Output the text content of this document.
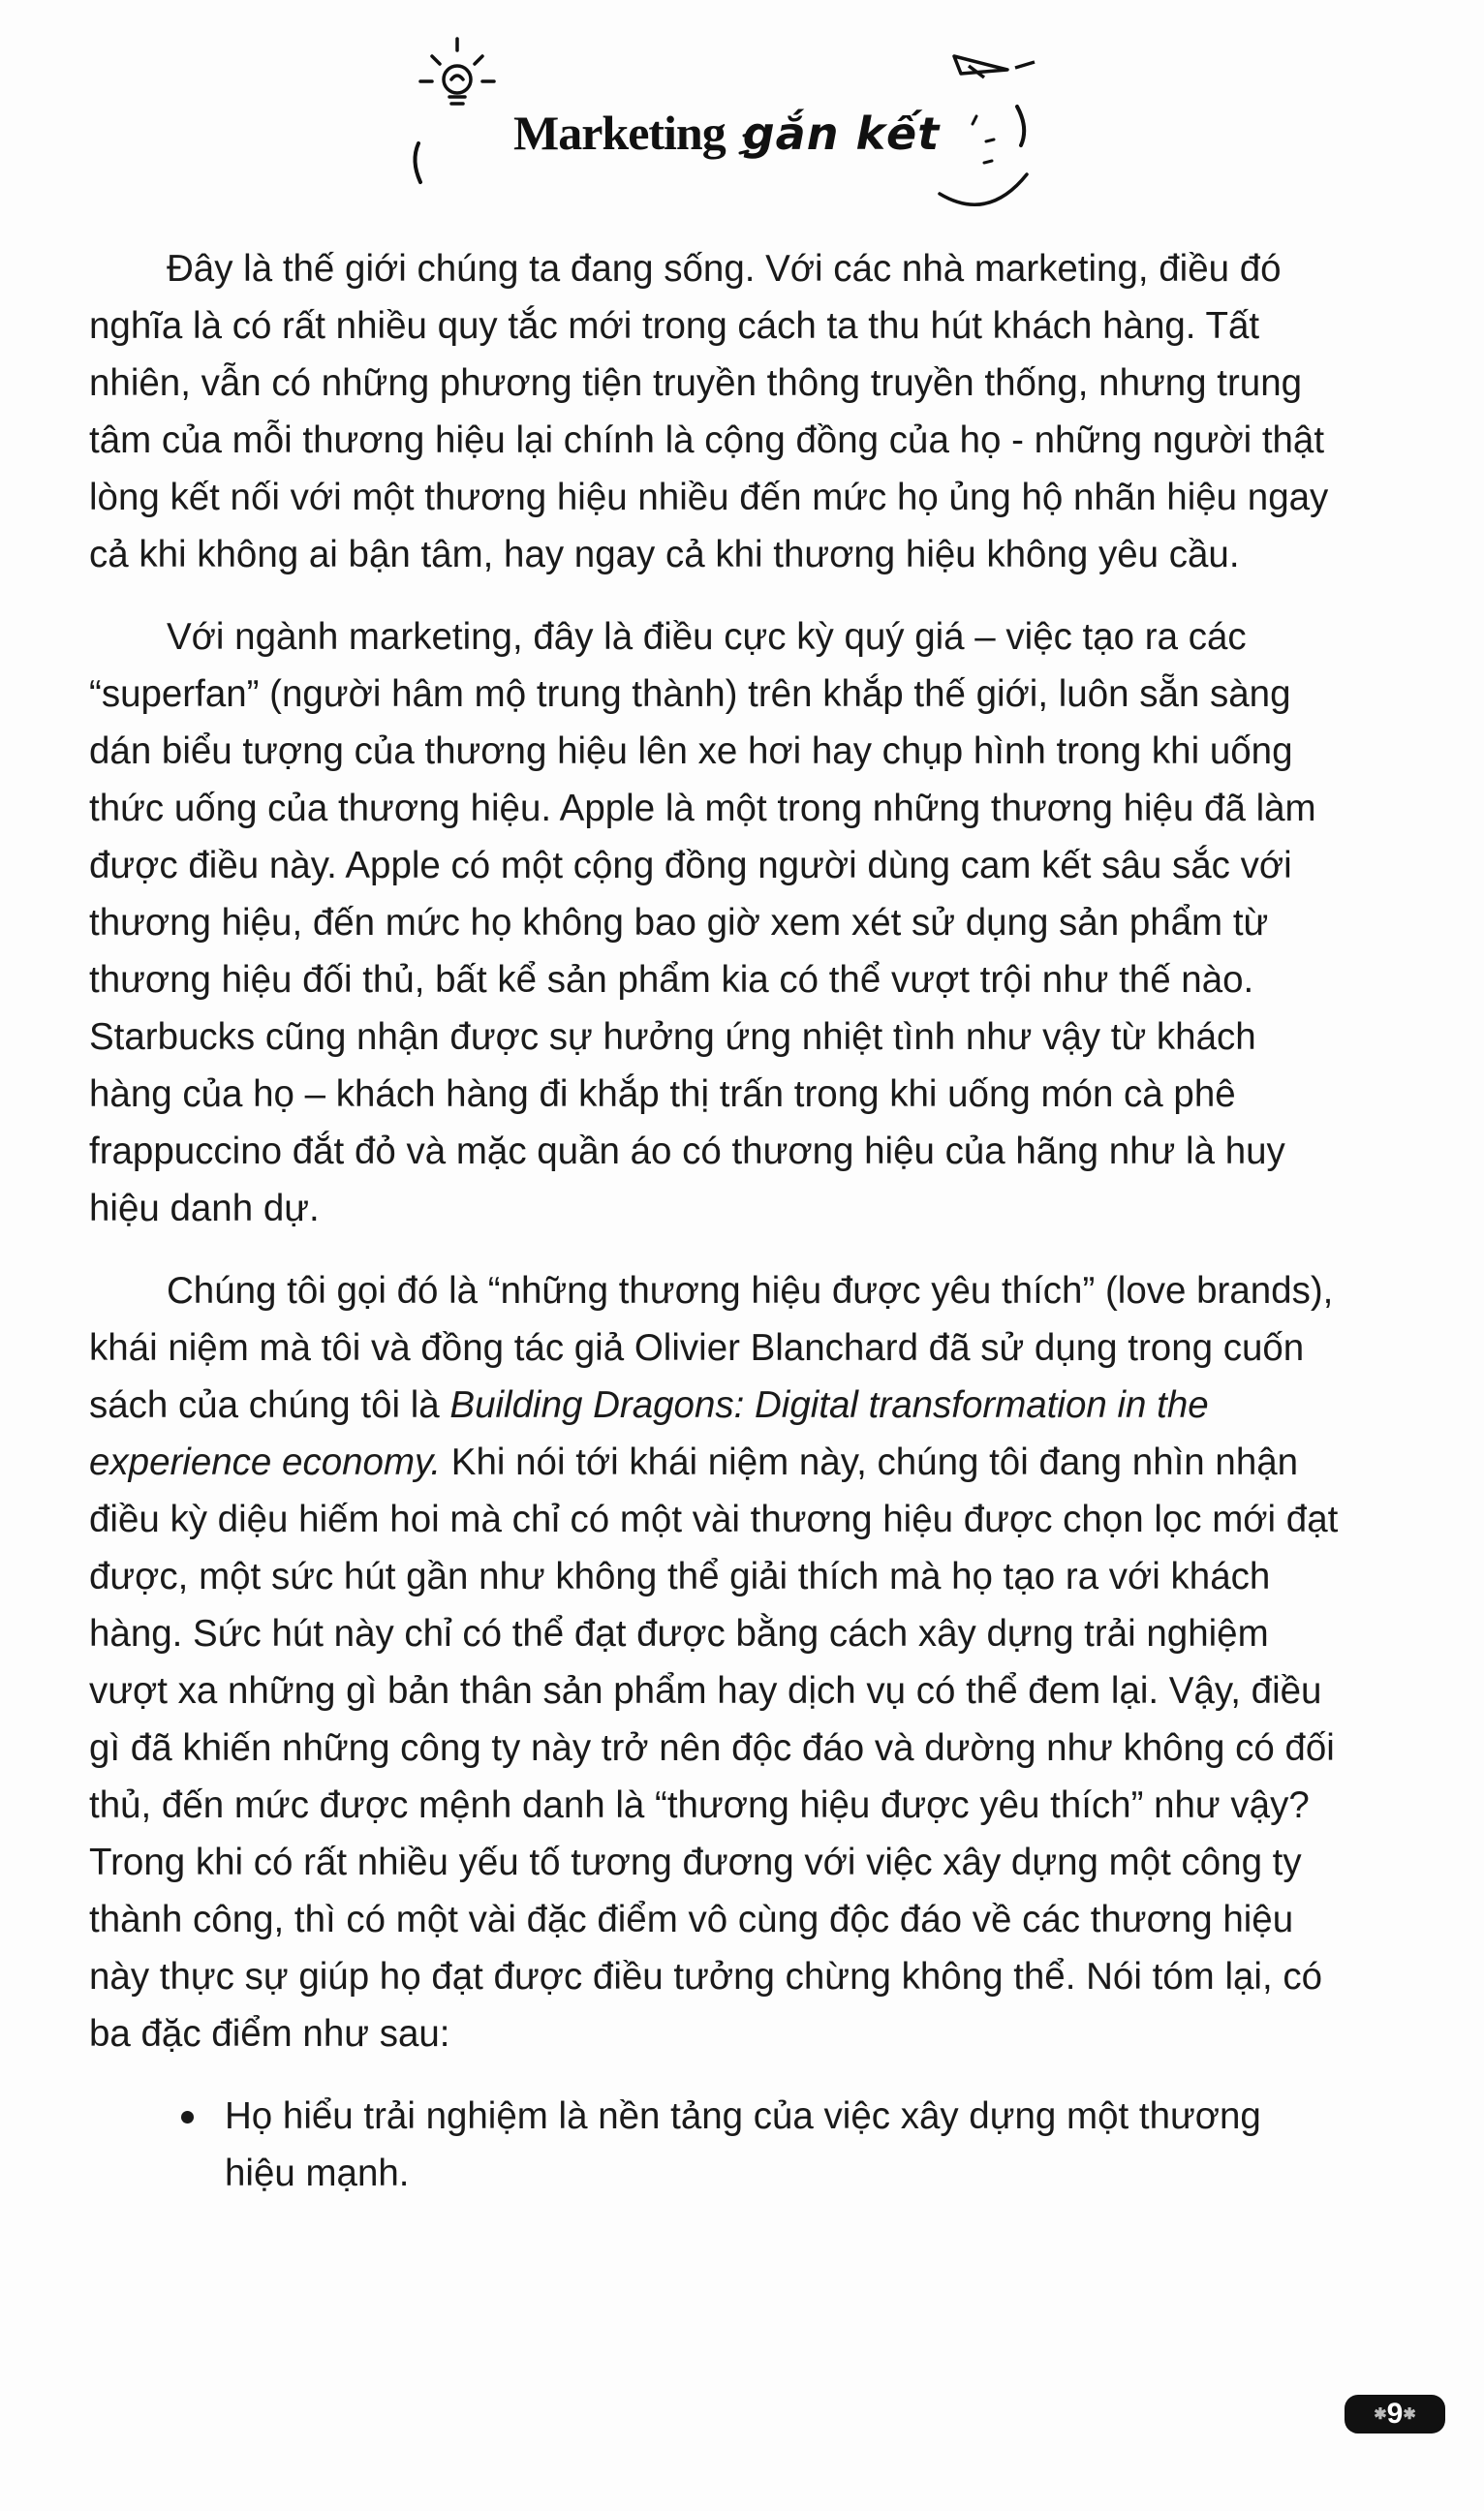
Marketing gắn kết

Đây là thế giới chúng ta đang sống. Với các nhà marketing, điều đó nghĩa là có rất nhiều quy tắc mới trong cách ta thu hút khách hàng. Tất nhiên, vẫn có những phương tiện truyền thông truyền thống, nhưng trung tâm của mỗi thương hiệu lại chính là cộng đồng của họ - những người thật lòng kết nối với một thương hiệu nhiều đến mức họ ủng hộ nhãn hiệu ngay cả khi không ai bận tâm, hay ngay cả khi thương hiệu không yêu cầu.

Với ngành marketing, đây là điều cực kỳ quý giá – việc tạo ra các “superfan” (người hâm mộ trung thành) trên khắp thế giới, luôn sẵn sàng dán biểu tượng của thương hiệu lên xe hơi hay chụp hình trong khi uống thức uống của thương hiệu. Apple là một trong những thương hiệu đã làm được điều này. Apple có một cộng đồng người dùng cam kết sâu sắc với thương hiệu, đến mức họ không bao giờ xem xét sử dụng sản phẩm từ thương hiệu đối thủ, bất kể sản phẩm kia có thể vượt trội như thế nào. Starbucks cũng nhận được sự hưởng ứng nhiệt tình như vậy từ khách hàng của họ – khách hàng đi khắp thị trấn trong khi uống món cà phê frappuccino đắt đỏ và mặc quần áo có thương hiệu của hãng như là huy hiệu danh dự.

Chúng tôi gọi đó là “những thương hiệu được yêu thích” (love brands), khái niệm mà tôi và đồng tác giả Olivier Blanchard đã sử dụng trong cuốn sách của chúng tôi là Building Dragons: Digital transformation in the experience economy. Khi nói tới khái niệm này, chúng tôi đang nhìn nhận điều kỳ diệu hiếm hoi mà chỉ có một vài thương hiệu được chọn lọc mới đạt được, một sức hút gần như không thể giải thích mà họ tạo ra với khách hàng. Sức hút này chỉ có thể đạt được bằng cách xây dựng trải nghiệm vượt xa những gì bản thân sản phẩm hay dịch vụ có thể đem lại. Vậy, điều gì đã khiến những công ty này trở nên độc đáo và dường như không có đối thủ, đến mức được mệnh danh là “thương hiệu được yêu thích” như vậy? Trong khi có rất nhiều yếu tố tương đương với việc xây dựng một công ty thành công, thì có một vài đặc điểm vô cùng độc đáo về các thương hiệu này thực sự giúp họ đạt được điều tưởng chừng không thể. Nói tóm lại, có ba đặc điểm như sau:

Họ hiểu trải nghiệm là nền tảng của việc xây dựng một thương hiệu mạnh.
✱9✱
